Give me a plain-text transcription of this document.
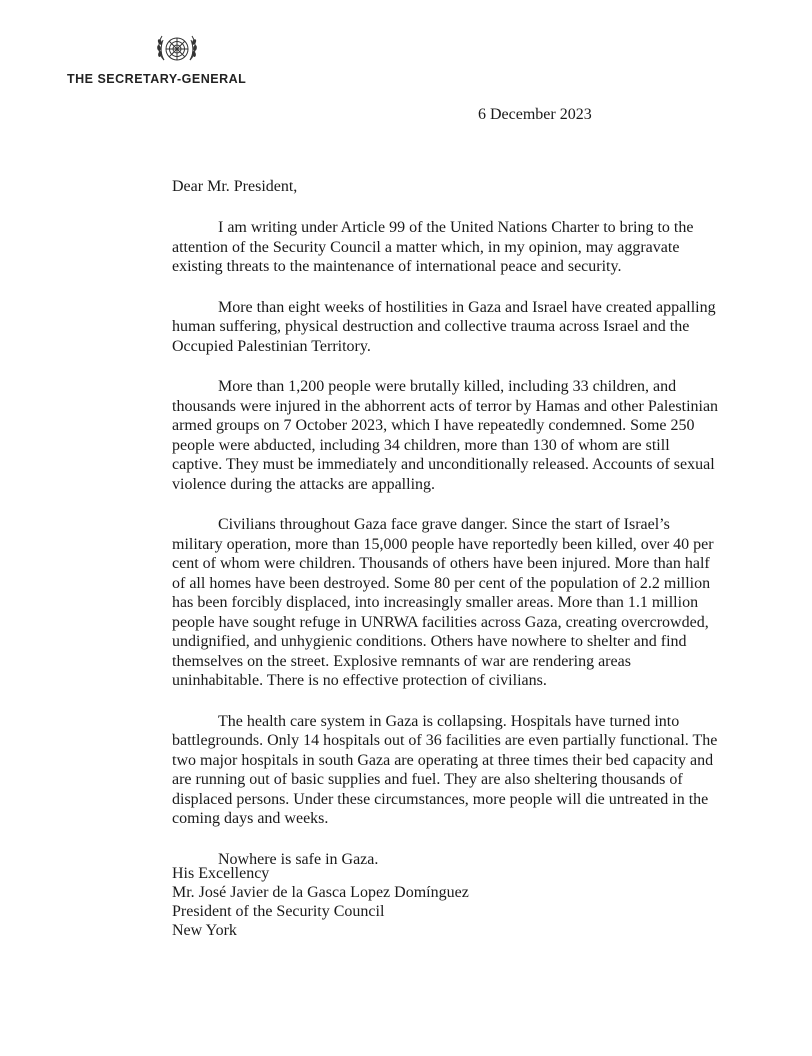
THE SECRETARY-GENERAL
6 December 2023
Dear Mr. President,

I am writing under Article 99 of the United Nations Charter to bring to the attention of the Security Council a matter which, in my opinion, may aggravate existing threats to the maintenance of international peace and security.

More than eight weeks of hostilities in Gaza and Israel have created appalling human suffering, physical destruction and collective trauma across Israel and the Occupied Palestinian Territory.

More than 1,200 people were brutally killed, including 33 children, and thousands were injured in the abhorrent acts of terror by Hamas and other Palestinian armed groups on 7 October 2023, which I have repeatedly condemned. Some 250 people were abducted, including 34 children, more than 130 of whom are still captive. They must be immediately and unconditionally released. Accounts of sexual violence during the attacks are appalling.

Civilians throughout Gaza face grave danger. Since the start of Israel’s military operation, more than 15,000 people have reportedly been killed, over 40 per cent of whom were children. Thousands of others have been injured. More than half of all homes have been destroyed. Some 80 per cent of the population of 2.2 million has been forcibly displaced, into increasingly smaller areas. More than 1.1 million people have sought refuge in UNRWA facilities across Gaza, creating overcrowded, undignified, and unhygienic conditions. Others have nowhere to shelter and find themselves on the street. Explosive remnants of war are rendering areas uninhabitable. There is no effective protection of civilians.

The health care system in Gaza is collapsing. Hospitals have turned into battlegrounds. Only 14 hospitals out of 36 facilities are even partially functional. The two major hospitals in south Gaza are operating at three times their bed capacity and are running out of basic supplies and fuel. They are also sheltering thousands of displaced persons. Under these circumstances, more people will die untreated in the coming days and weeks.

Nowhere is safe in Gaza.

His Excellency
Mr. José Javier de la Gasca Lopez Domínguez
President of the Security Council
New York
